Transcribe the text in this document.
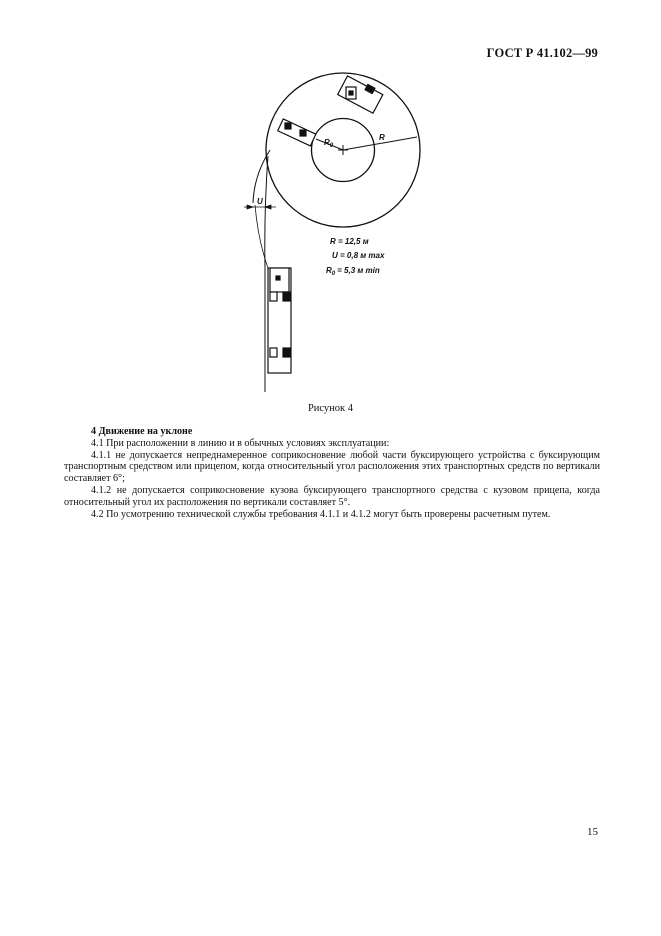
ГОСТ Р 41.102—99
$R_0$
R
U
R = 12,5 м
U = 0,8 м max
$R_0 = 5,3$ м min
Рисунок 4

4 Движение на уклоне

4.1 При расположении в линию и в обычных условиях эксплуатации:

4.1.1 не допускается непреднамеренное соприкосновение любой части буксирующего устройства с буксирующим транспортным средством или прицепом, когда относительный угол расположения этих транспортных средств по вертикали составляет 6°;

4.1.2 не допускается соприкосновение кузова буксирующего транспортного средства с кузовом прицепа, когда относительный угол их расположения по вертикали составляет 5°.

4.2 По усмотрению технической службы требования 4.1.1 и 4.1.2 могут быть проверены расчетным путем.

15
